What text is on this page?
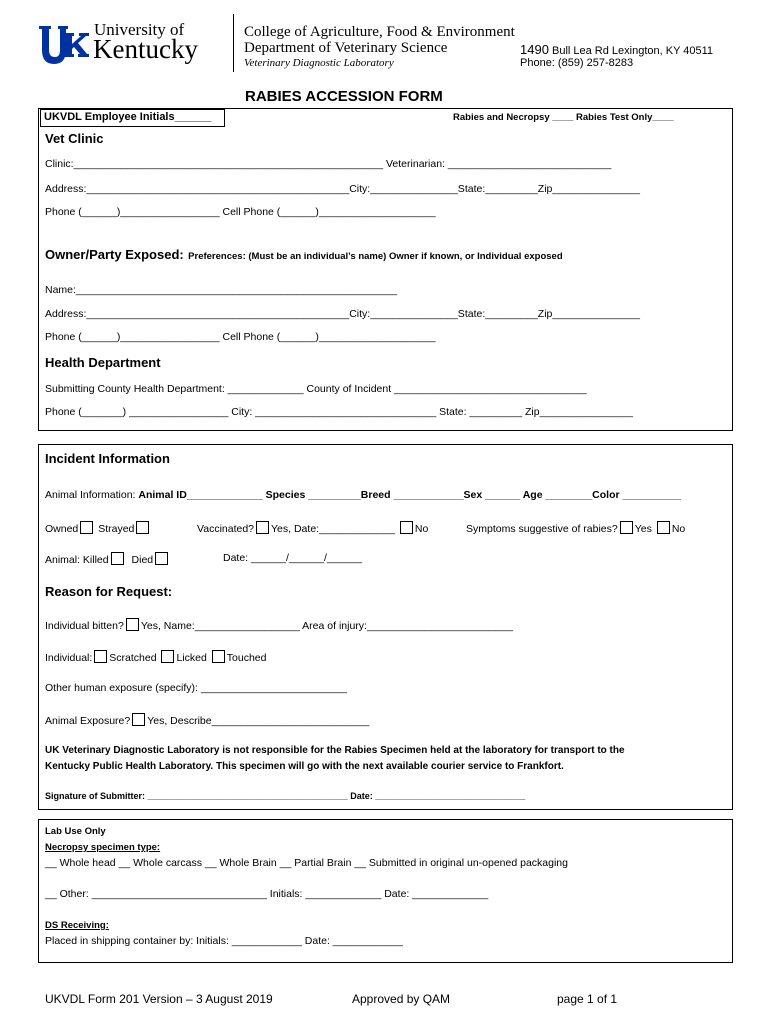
University of
Kentucky
College of Agriculture, Food & Environment
Department of Veterinary Science
Veterinary Diagnostic Laboratory
1490 Bull Lea Rd Lexington, KY 40511
Phone: (859) 257-8283
RABIES ACCESSION FORM
UKVDL Employee Initials______	Rabies and Necropsy ____ Rabies Test Only____
Vet Clinic
Clinic:_____________________________________________________ Veterinarian: ____________________________
Address:_____________________________________________City:_______________State:_________Zip_______________
Phone (______)_________________ Cell Phone (______)____________________
Owner/Party Exposed: Preferences: (Must be an individual’s name) Owner if known, or Individual exposed
Name:_______________________________________________________
Address:_____________________________________________City:_______________State:_________Zip_______________
Phone (______)_________________ Cell Phone (______)____________________
Health Department
Submitting County Health Department: _____________ County of Incident _________________________________
Phone (_______) _________________ City: _______________________________ State: _________ Zip________________
Incident Information
Animal Information: Animal ID_____________ Species _________Breed ____________Sex ______ Age ________Color __________
Owned Strayed	Vaccinated? Yes, Date:_____________ No	Symptoms suggestive of rabies? Yes No
Animal: Killed Died	Date: ______/______/______
Reason for Request:
Individual bitten? Yes, Name:__________________ Area of injury:_________________________
Individual: Scratched Licked Touched
Other human exposure (specify): _________________________
Animal Exposure? Yes, Describe___________________________
UK Veterinary Diagnostic Laboratory is not responsible for the Rabies Specimen held at the laboratory for transport to the
Kentucky Public Health Laboratory. This specimen will go with the next available courier service to Frankfort.
Signature of Submitter: ________________________________________ Date: ______________________________
Lab Use Only
Necropsy specimen type:
__ Whole head __ Whole carcass __ Whole Brain __ Partial Brain __ Submitted in original un-opened packaging
__ Other: ______________________________ Initials: _____________ Date: _____________
DS Receiving:
Placed in shipping container by: Initials: ____________ Date: ____________
UKVDL Form 201 Version – 3 August 2019	Approved by QAM	page 1 of 1
